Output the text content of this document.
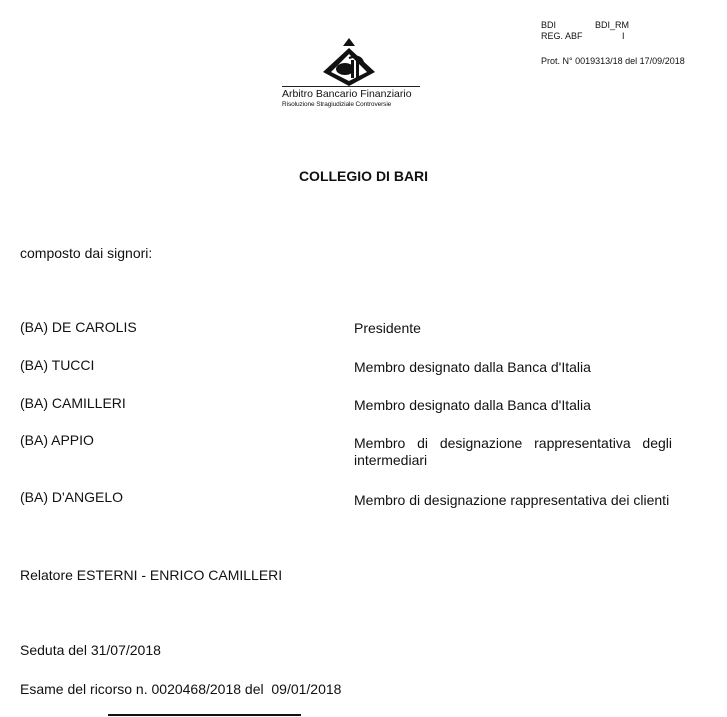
BDI	BDI_RM
REG. ABF	I
Prot. N° 0019313/18 del 17/09/2018
Arbitro Bancario Finanziario
Risoluzione Stragiudiziale Controversie
COLLEGIO DI BARI
composto dai signori:
(BA) DE CAROLIS	Presidente
(BA) TUCCI	Membro designato dalla Banca d'Italia
(BA) CAMILLERI	Membro designato dalla Banca d'Italia
(BA) APPIO	Membro di designazione rappresentativa degli intermediari
(BA) D'ANGELO	Membro di designazione rappresentativa dei clienti
Relatore ESTERNI - ENRICO CAMILLERI
Seduta del 31/07/2018
Esame del ricorso n. 0020468/2018 del  09/01/2018
